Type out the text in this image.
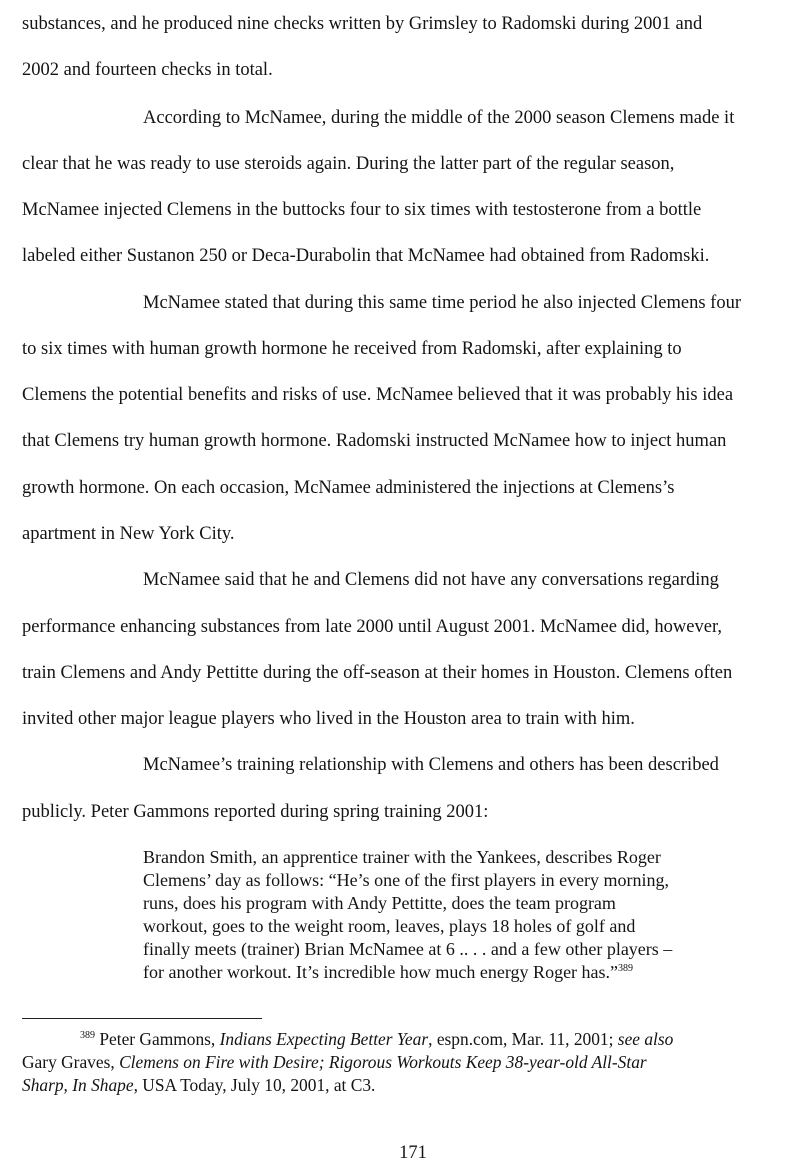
substances, and he produced nine checks written by Grimsley to Radomski during 2001 and
2002 and fourteen checks in total.
According to McNamee, during the middle of the 2000 season Clemens made it
clear that he was ready to use steroids again. During the latter part of the regular season,
McNamee injected Clemens in the buttocks four to six times with testosterone from a bottle
labeled either Sustanon 250 or Deca-Durabolin that McNamee had obtained from Radomski.
McNamee stated that during this same time period he also injected Clemens four
to six times with human growth hormone he received from Radomski, after explaining to
Clemens the potential benefits and risks of use. McNamee believed that it was probably his idea
that Clemens try human growth hormone. Radomski instructed McNamee how to inject human
growth hormone. On each occasion, McNamee administered the injections at Clemens’s
apartment in New York City.
McNamee said that he and Clemens did not have any conversations regarding
performance enhancing substances from late 2000 until August 2001. McNamee did, however,
train Clemens and Andy Pettitte during the off-season at their homes in Houston. Clemens often
invited other major league players who lived in the Houston area to train with him.
McNamee’s training relationship with Clemens and others has been described
publicly. Peter Gammons reported during spring training 2001:
Brandon Smith, an apprentice trainer with the Yankees, describes Roger
Clemens’ day as follows: “He’s one of the first players in every morning,
runs, does his program with Andy Pettitte, does the team program
workout, goes to the weight room, leaves, plays 18 holes of golf and
finally meets (trainer) Brian McNamee at 6 .. . . and a few other players –
for another workout. It’s incredible how much energy Roger has.”$^{389}$
$^{389}$ Peter Gammons, Indians Expecting Better Year, espn.com, Mar. 11, 2001; see also
Gary Graves, Clemens on Fire with Desire; Rigorous Workouts Keep 38-year-old All-Star
Sharp, In Shape, USA Today, July 10, 2001, at C3.
171
